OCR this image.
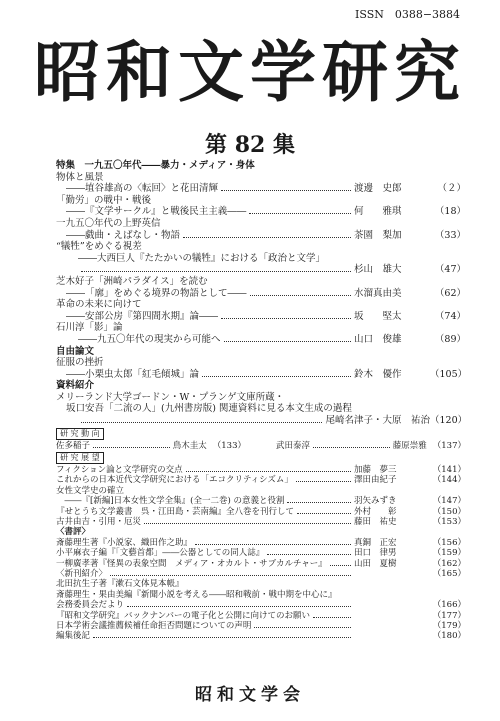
ISSN　0388−3884
昭和文学研究
第 82 集
特集　一九五〇年代――暴力・メディア・身体
物体と風景
――埴谷雄高の〈転回〉と花田清輝	渡邊　史郎	（２）
「勤労」の戦中・戦後
――『文学サークル』と戦後民主主義――	何　　雅琪	（18）
一九五〇年代の上野英信
――戯曲・えばなし・物語	茶園　梨加	（33）
“犠牲”をめぐる視差
――大西巨人『たたかいの犠牲』における「政治と文学」
杉山　雄大	（47）
芝木好子「洲崎パラダイス」を読む
――「廓」をめぐる境界の物語として――	水溜真由美	（62）
革命の未来に向けて
――安部公房『第四間氷期』論――	坂　　堅太	（74）
石川淳「影」論
――九五〇年代の現実から可能へ	山口　俊雄	（89）
自由論文
征服の挫折
――小栗虫太郎「紅毛傾城」論	鈴木　優作	（105）
資料紹介
メリーランド大学ゴードン・W・プランゲ文庫所蔵・
坂口安吾「二流の人」(九州書房版) 関連資料に見る本文生成の過程
尾崎名津子・大原　祐治 （120）
研 究 動 向
佐多稲子	鳥木圭太 （133）	武田泰淳	藤原崇雅 （137）
研 究 展 望
フィクション論と文学研究の交点	加藤　夢三	（141）
これからの日本近代文学研究における「エコクリティシズム」	澤田由紀子	（144）
女性文学史の確立
　――『[新編]日本女性文学全集』(全一二巻) の意義と役割	羽矢みずき	（147）
『せとうち文学叢書　呉・江田島・芸南編』全八巻を刊行して	外村　　彰	（150）
古井由吉・引用・厄災	藤田　祐史	（153）
〈書評〉
斎藤理生著『小説家、織田作之助』	真銅　正宏	（156）
小平麻衣子編『「文藝首都」――公器としての同人誌』	田口　律男	（159）
一柳廣孝著『怪異の表象空間　メディア・オカルト・サブカルチャー』	山田　夏樹	（162）
〈新刊紹介〉	（165）
北田抗生子著『漱石文体見本帳』
斎藤理生・果由美編『新聞小説を考える――昭和戦前・戦中期を中心に』
会務委員会だより	（166）
『昭和文学研究』バックナンバーの電子化と公開に向けてのお願い	（177）
日本学術会議推薦候補任命拒否問題についての声明	（179）
編集後記	（180）
昭和文学会
